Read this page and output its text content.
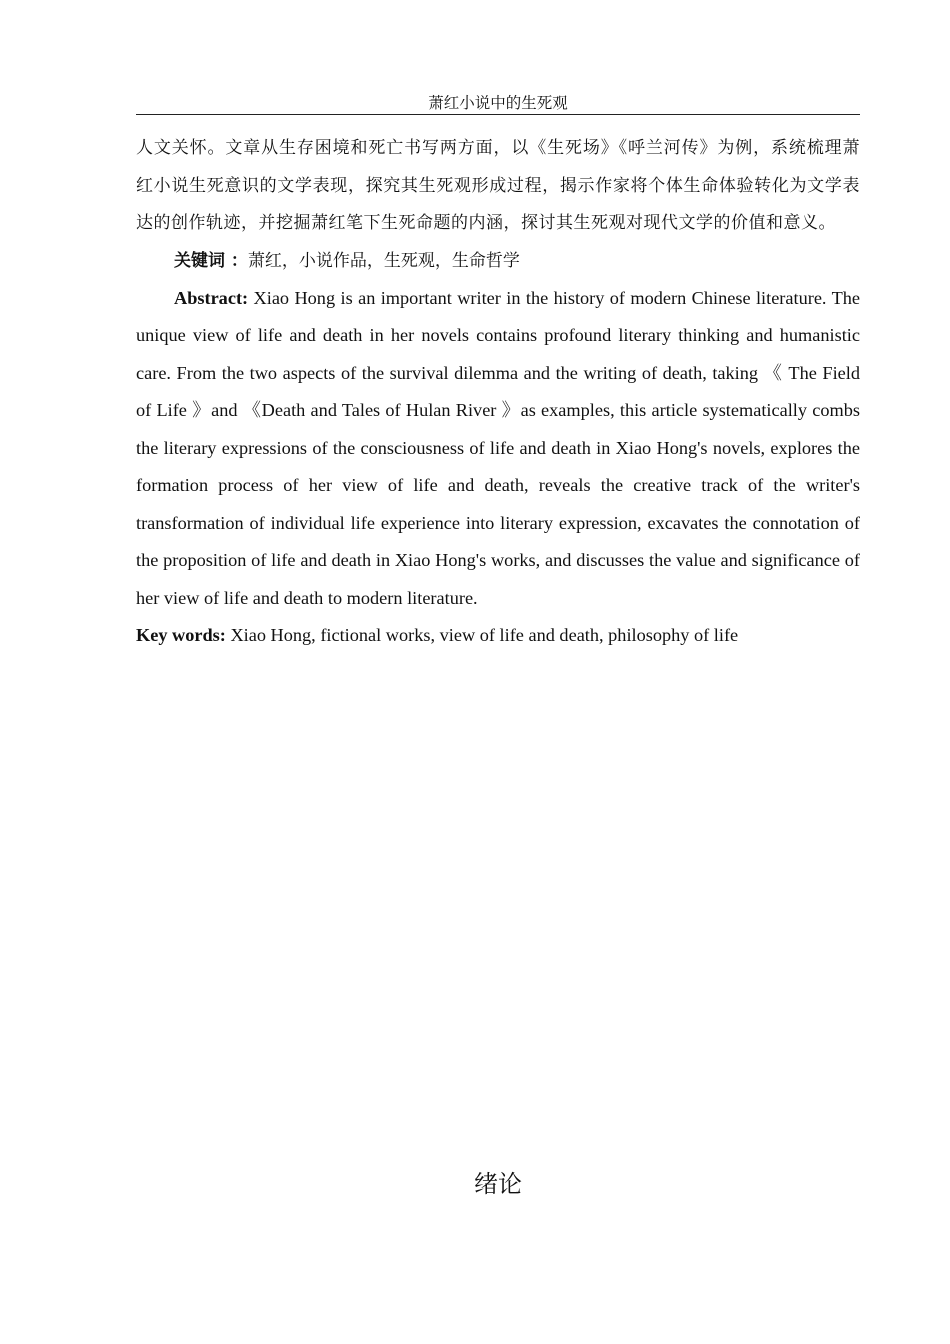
萧红小说中的生死观

人文关怀。文章从生存困境和死亡书写两方面，以《生死场》《呼兰河传》为例，系统梳理萧红小说生死意识的文学表现，探究其生死观形成过程，揭示作家将个体生命体验转化为文学表达的创作轨迹，并挖掘萧红笔下生死命题的内涵，探讨其生死观对现代文学的价值和意义。

关键词 ：萧红，小说作品，生死观，生命哲学

Abstract: Xiao Hong is an important writer in the history of modern Chinese literature. The unique view of life and death in her novels contains profound literary thinking and humanistic care. From the two aspects of the survival dilemma and the writing of death, taking 《 The Field of Life 》and 《Death and Tales of Hulan River 》as examples, this article systematically combs the literary expressions of the consciousness of life and death in Xiao Hong's novels, explores the formation process of her view of life and death, reveals the creative track of the writer's transformation of individual life experience into literary expression, excavates the connotation of the proposition of life and death in Xiao Hong's works, and discusses the value and significance of her view of life and death to modern literature.

Key words: Xiao Hong, fictional works, view of life and death, philosophy of life

绪论
